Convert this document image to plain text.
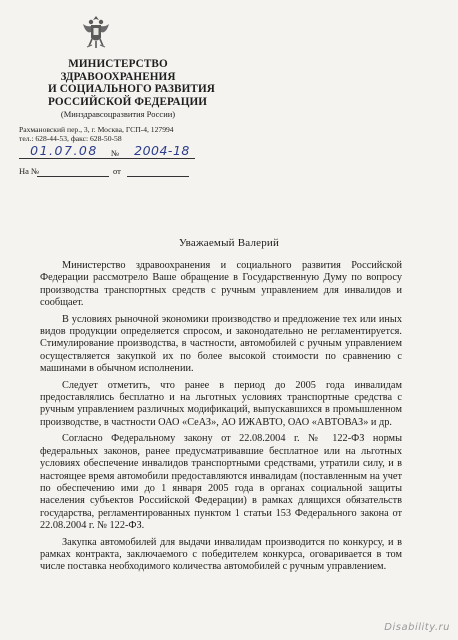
МИНИСТЕРСТВО
ЗДРАВООХРАНЕНИЯ
И СОЦИАЛЬНОГО РАЗВИТИЯ
РОССИЙСКОЙ ФЕДЕРАЦИИ
(Минздравсоцразвития России)
Рахмановский пер., 3, г. Москва, ГСП-4, 127994
тел.: 628-44-53, факс: 628-50-58
01.07.08	№	2004-18
На №	от
Уважаемый Валерий

Министерство здравоохранения и социального развития Российской Федерации рассмотрело Ваше обращение в Государственную Думу по вопросу производства транспортных средств с ручным управлением для инвалидов и сообщает.

В условиях рыночной экономики производство и предложение тех или иных видов продукции определяется спросом, и законодательно не регламентируется. Стимулирование производства, в частности, автомобилей с ручным управлением осуществляется закупкой их по более высокой стоимости по сравнению с машинами в обычном исполнении.

Следует отметить, что ранее в период до 2005 года инвалидам предоставлялись бесплатно и на льготных условиях транспортные средства с ручным управлением различных модификаций, выпускавшихся в промышленном производстве, в частности ОАО «СеАЗ», АО ИЖАВТО, ОАО «АВТОВАЗ» и др.

Согласно Федеральному закону от 22.08.2004 г. № 122-ФЗ нормы федеральных законов, ранее предусматривавшие бесплатное или на льготных условиях обеспечение инвалидов транспортными средствами, утратили силу, и в настоящее время автомобили предоставляются инвалидам (поставленным на учет по обеспечению ими до 1 января 2005 года в органах социальной защиты населения субъектов Российской Федерации) в рамках длящихся обязательств государства, регламентированных пунктом 1 статьи 153 Федерального закона от 22.08.2004 г. № 122-ФЗ.

Закупка автомобилей для выдачи инвалидам производится по конкурсу, и в рамках контракта, заключаемого с победителем конкурса, оговаривается в том числе поставка необходимого количества автомобилей с ручным управлением.

Disability.ru
